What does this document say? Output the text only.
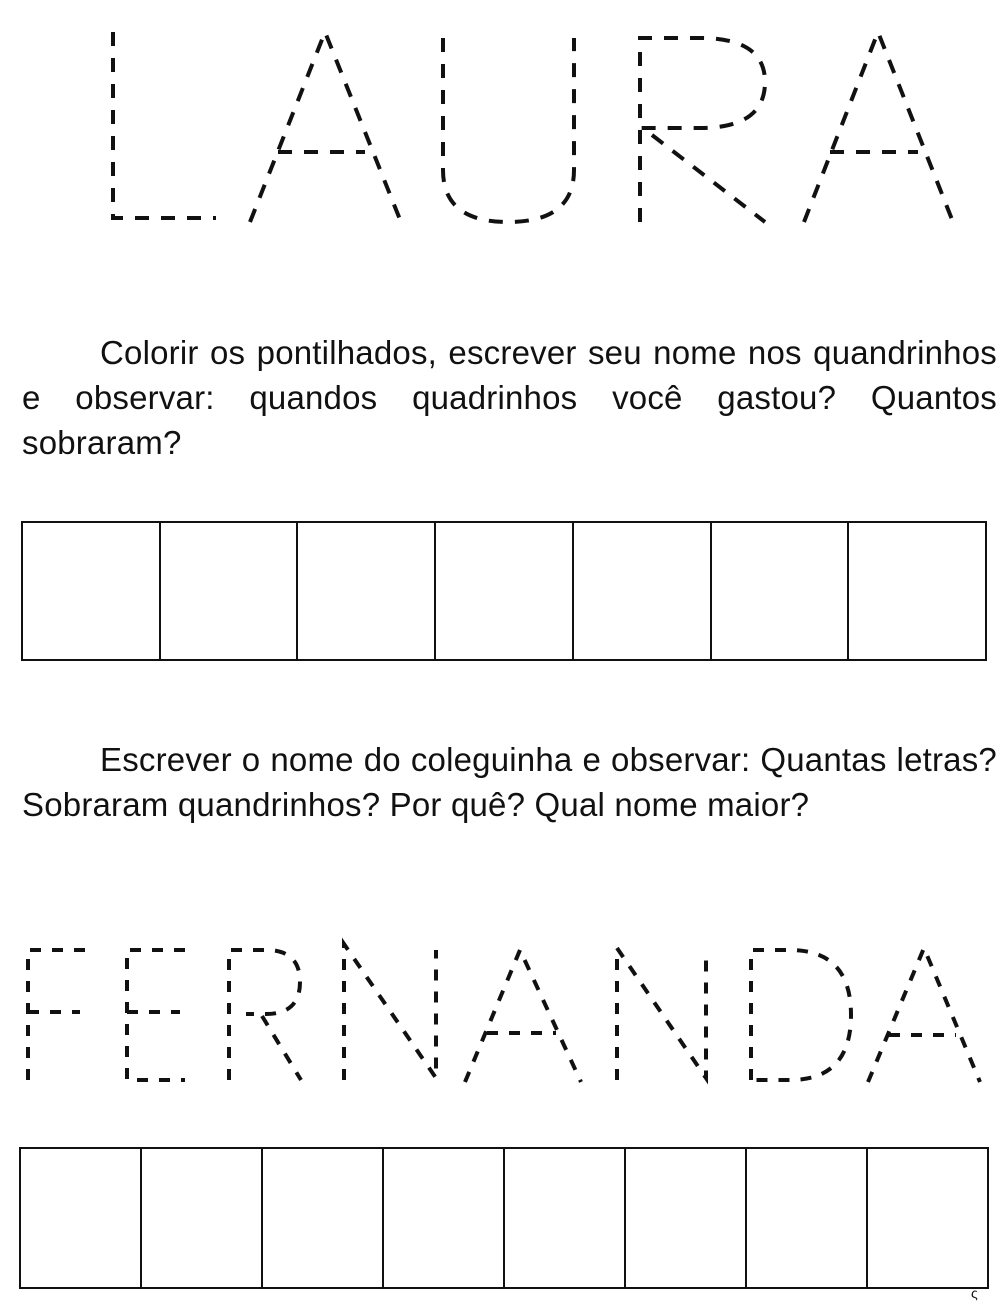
Colorir os pontilhados, escrever seu nome nos quandrinhos e observar: quandos quadrinhos você gastou? Quantos sobraram?

Escrever o nome do coleguinha e observar: Quantas letras? Sobraram quandrinhos? Por quê? Qual nome maior?

ς
